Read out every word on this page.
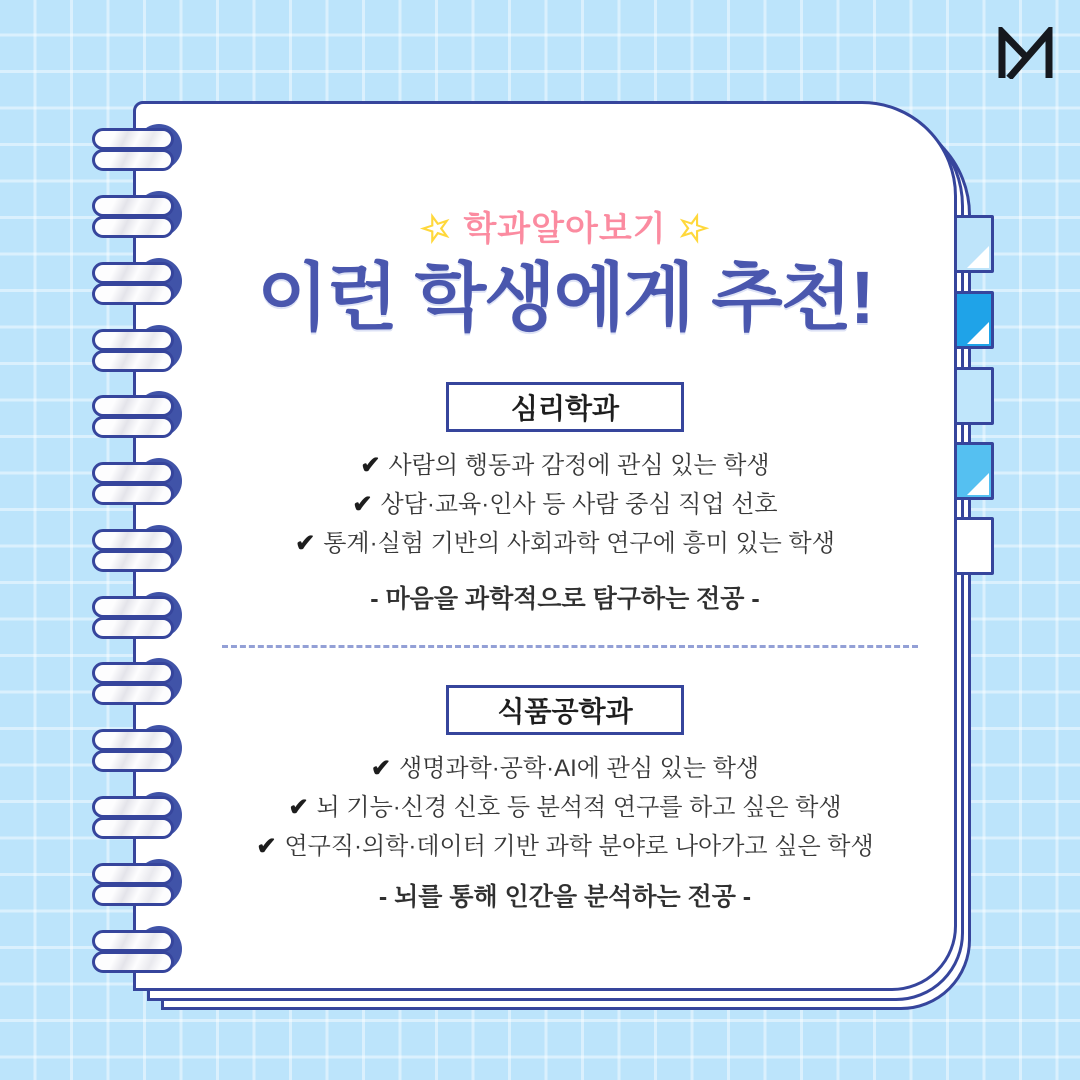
☆ 학과알아보기 ☆
이런 학생에게 추천!
심리학과
✔ 사람의 행동과 감정에 관심 있는 학생
✔ 상담·교육·인사 등 사람 중심 직업 선호
✔ 통계·실험 기반의 사회과학 연구에 흥미 있는 학생
- 마음을 과학적으로 탐구하는 전공 -
식품공학과
✔ 생명과학·공학·AI에 관심 있는 학생
✔ 뇌 기능·신경 신호 등 분석적 연구를 하고 싶은 학생
✔ 연구직·의학·데이터 기반 과학 분야로 나아가고 싶은 학생
- 뇌를 통해 인간을 분석하는 전공 -
